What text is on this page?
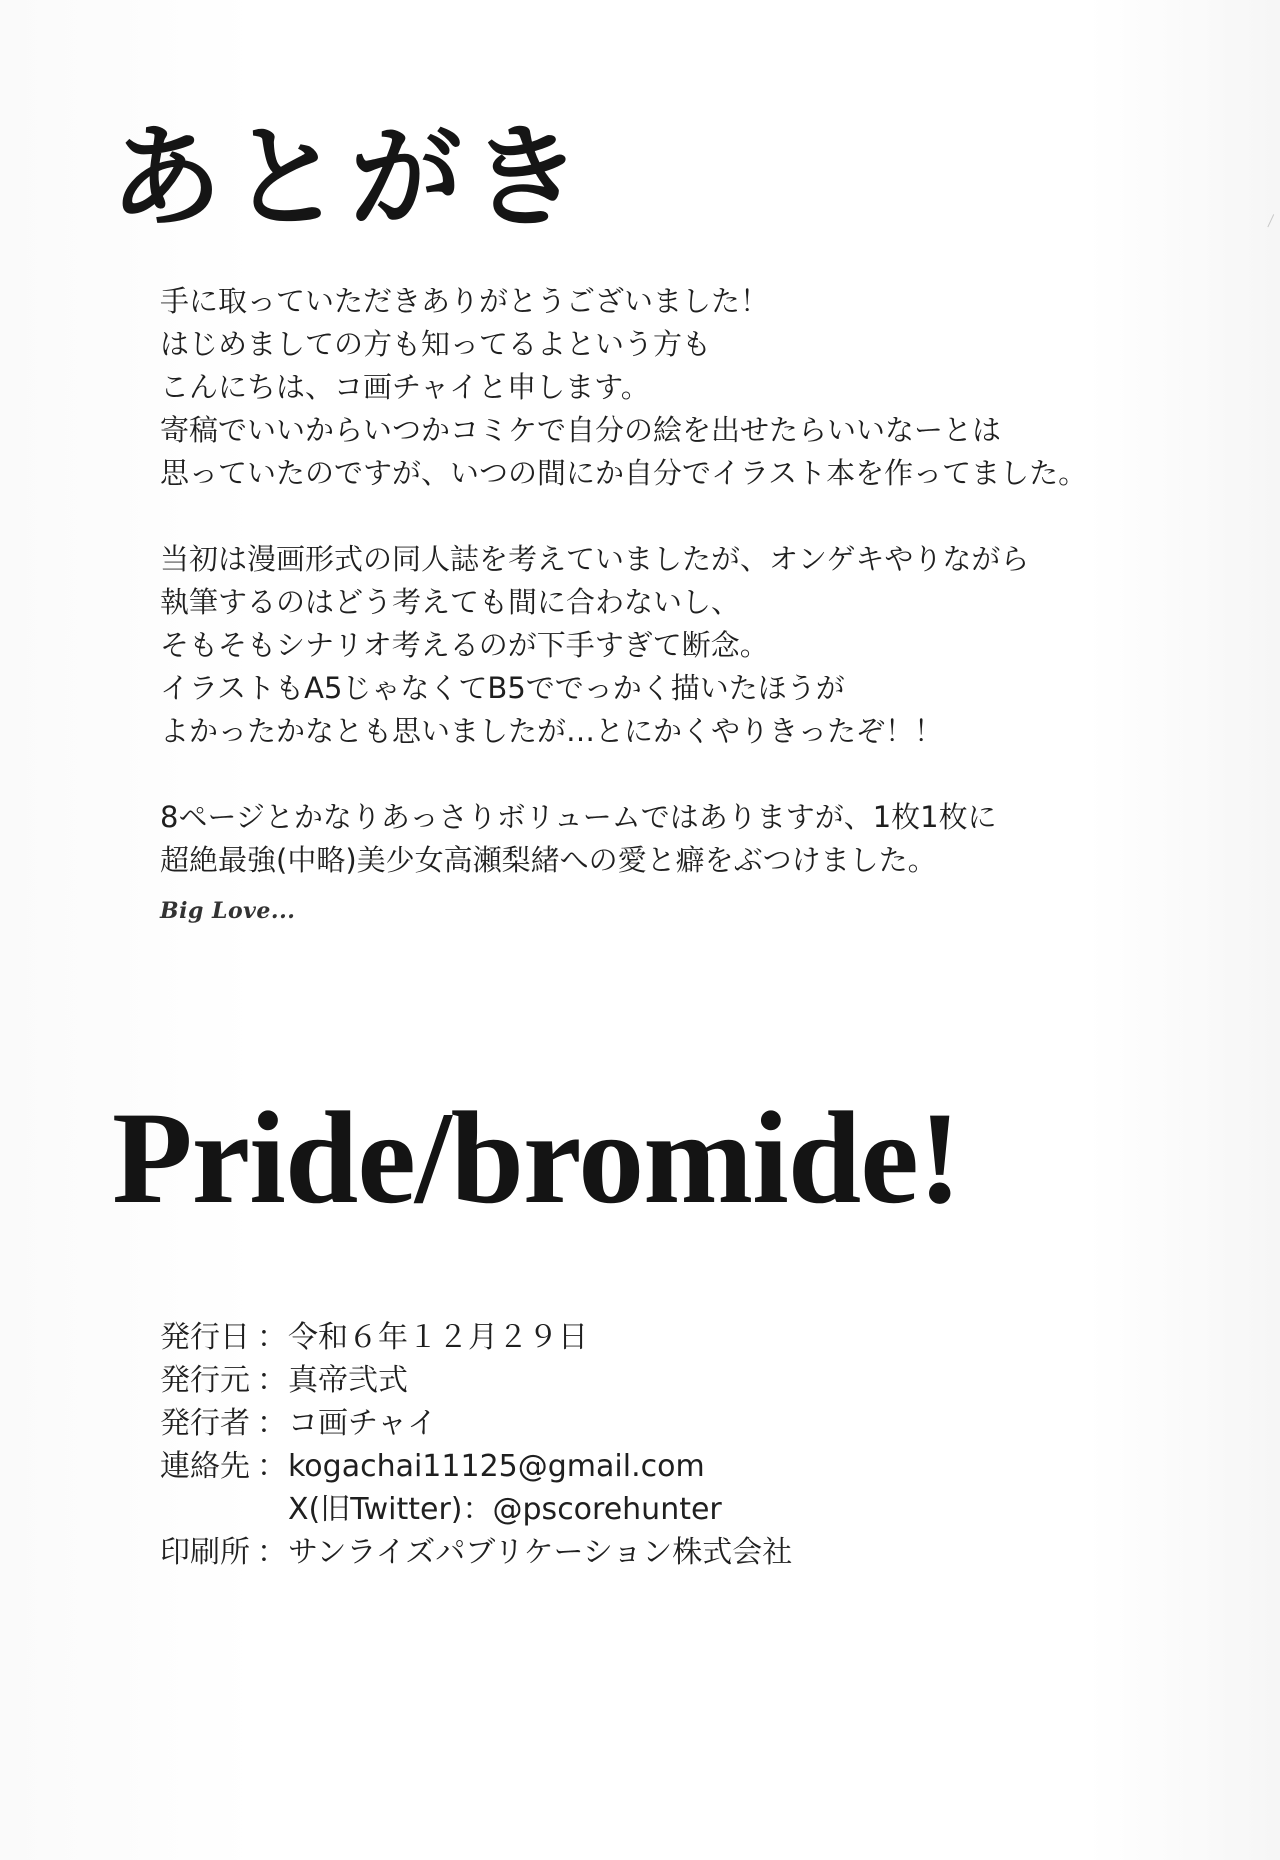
あとがき

手に取っていただきありがとうございました！
はじめましての方も知ってるよという方も
こんにちは、コ画チャイと申します。
寄稿でいいからいつかコミケで自分の絵を出せたらいいなーとは
思っていたのですが、いつの間にか自分でイラスト本を作ってました。

当初は漫画形式の同人誌を考えていましたが、オンゲキやりながら
執筆するのはどう考えても間に合わないし、
そもそもシナリオ考えるのが下手すぎて断念。
イラストもA5じゃなくてB5ででっかく描いたほうが
よかったかなとも思いましたが…とにかくやりきったぞ！！

8ページとかなりあっさりボリュームではありますが、1枚1枚に
超絶最強(中略)美少女高瀬梨緒への愛と癖をぶつけました。

Big Love...
Pride/bromide!
発行日 ： 令和６年１２月２９日
発行元 ： 真帝弐式
発行者 ： コ画チャイ
連絡先 ： kogachai11125@gmail.com
X(旧Twitter) ： @pscorehunter
印刷所 ： サンライズパブリケーション株式会社
